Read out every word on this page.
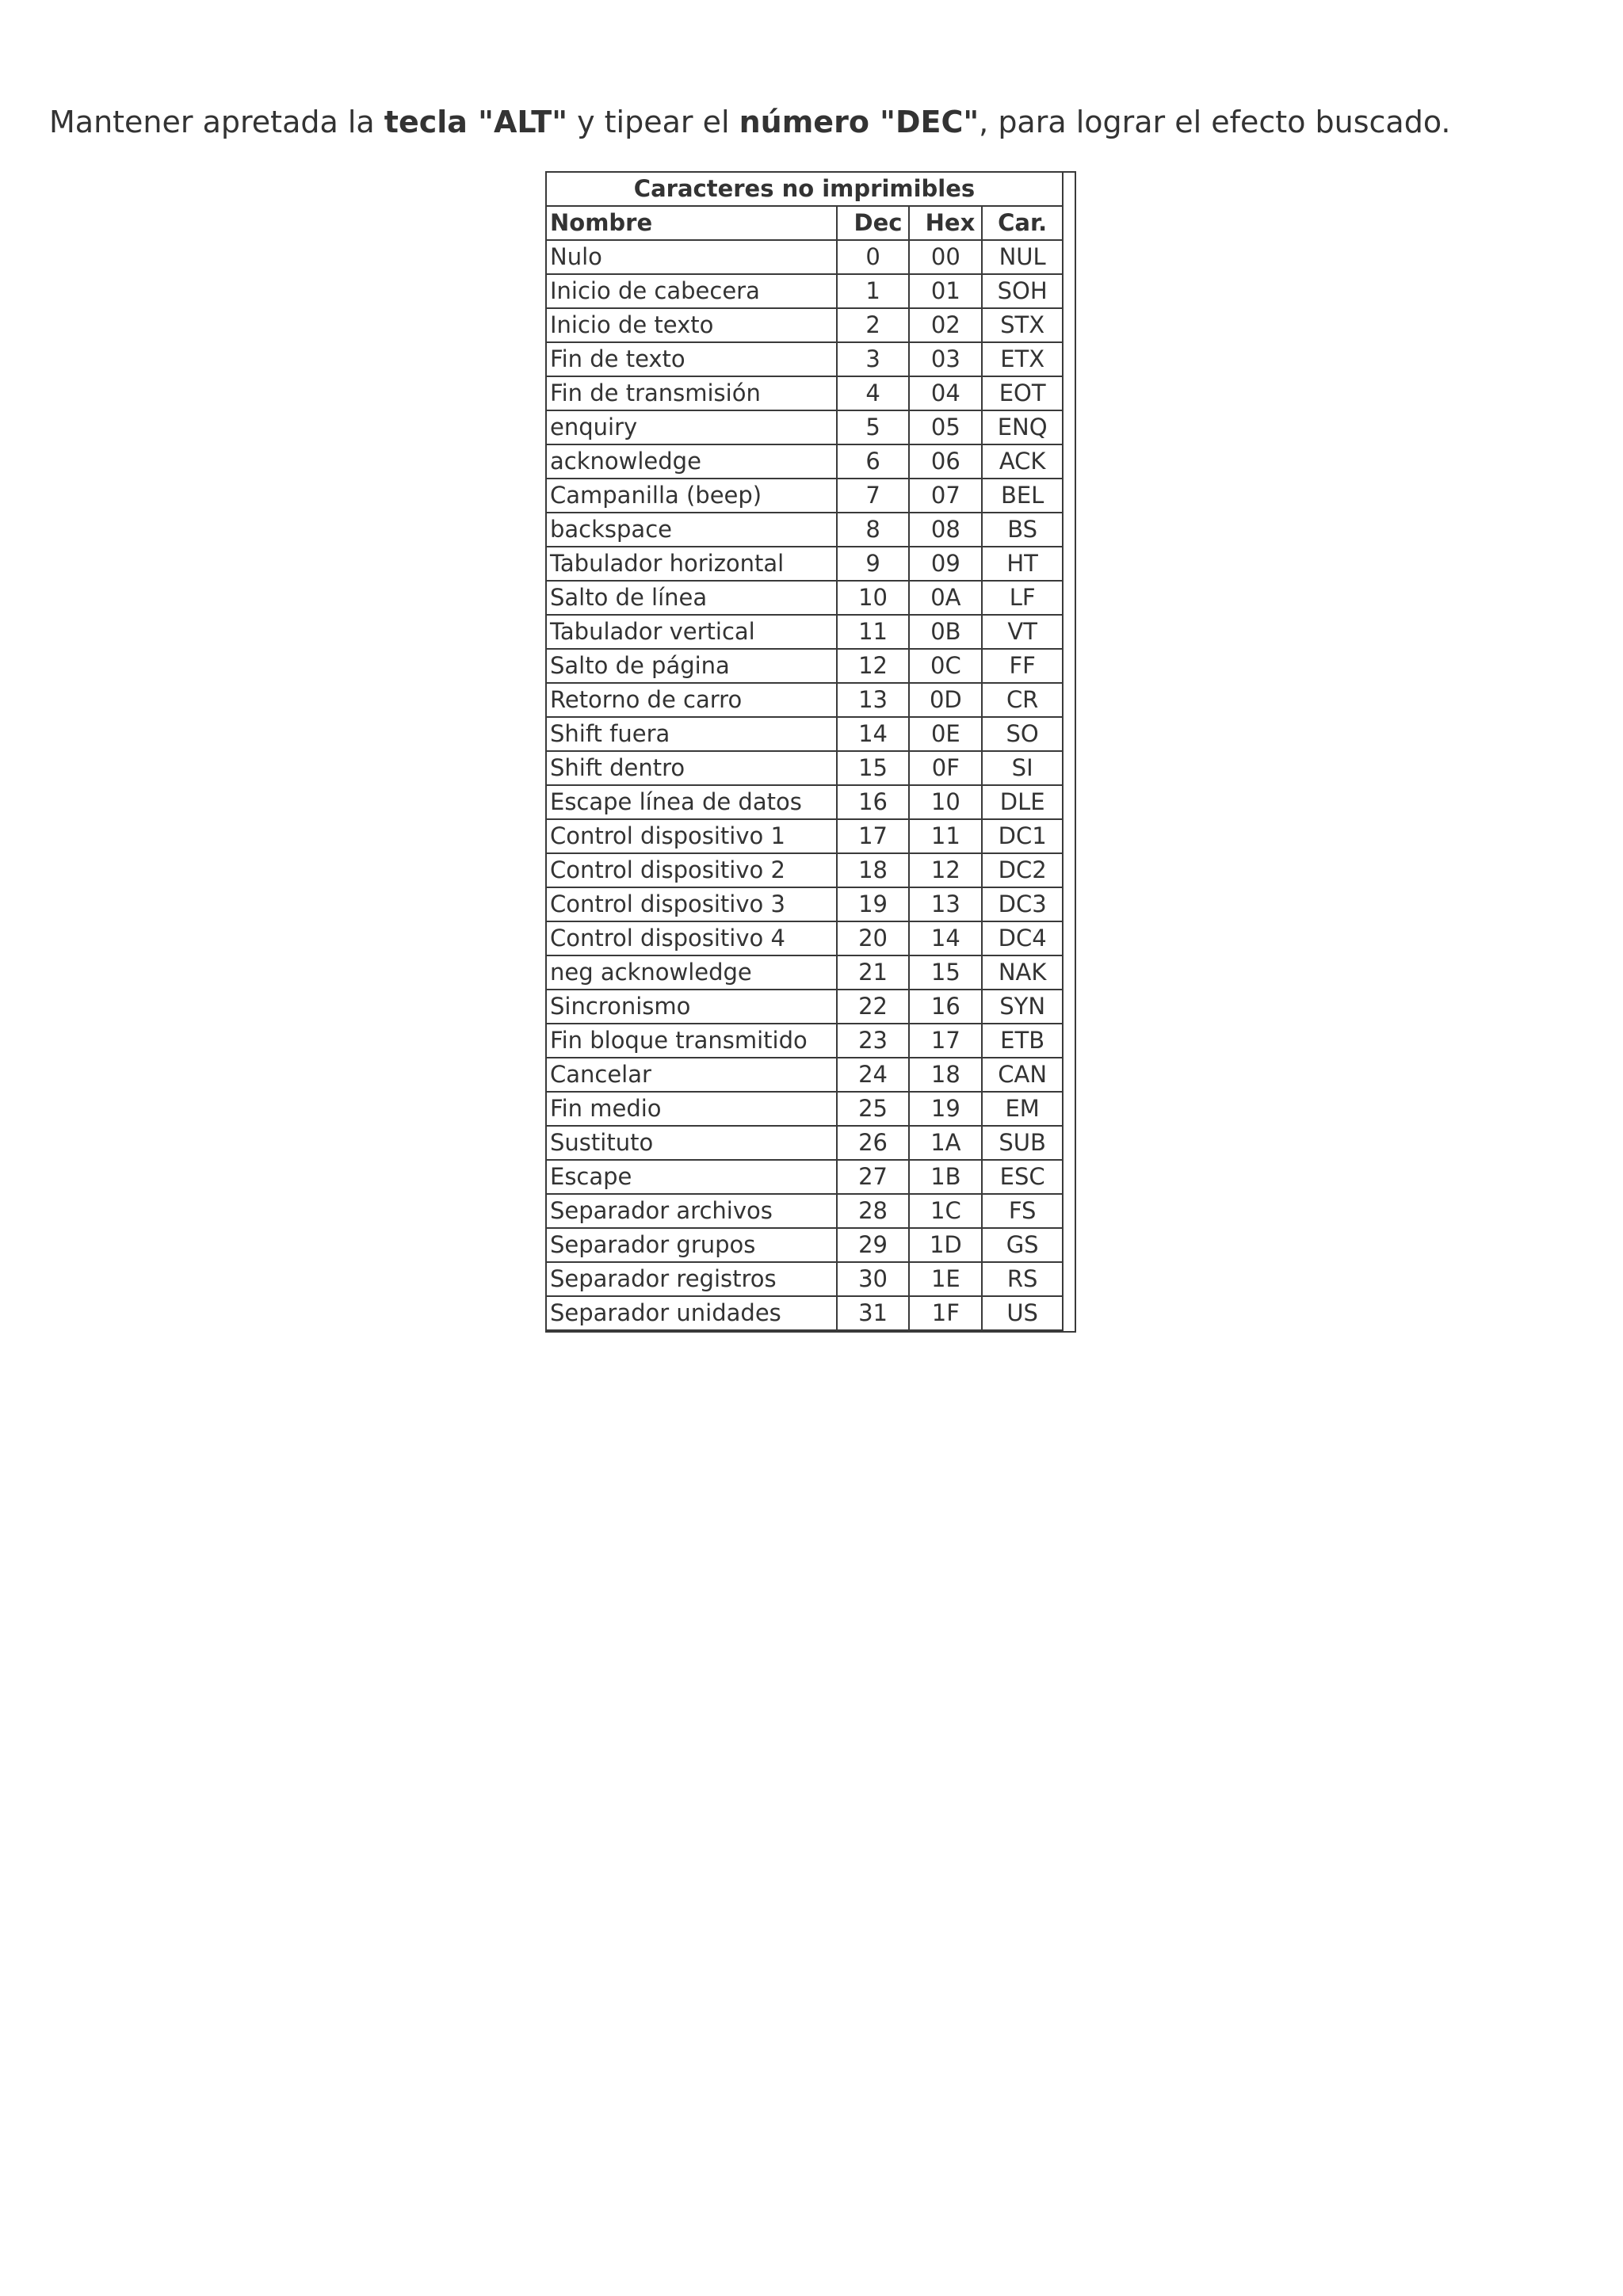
Mantener apretada la tecla "ALT" y tipear el número "DEC", para lograr el efecto buscado.
Caracteres no imprimibles			
Nombre	Dec	Hex	Car.
Nulo	0	00	NUL
Inicio de cabecera	1	01	SOH
Inicio de texto	2	02	STX
Fin de texto	3	03	ETX
Fin de transmisión	4	04	EOT
enquiry	5	05	ENQ
acknowledge	6	06	ACK
Campanilla (beep)	7	07	BEL
backspace	8	08	BS
Tabulador horizontal	9	09	HT
Salto de línea	10	0A	LF
Tabulador vertical	11	0B	VT
Salto de página	12	0C	FF
Retorno de carro	13	0D	CR
Shift fuera	14	0E	SO
Shift dentro	15	0F	SI
Escape línea de datos	16	10	DLE
Control dispositivo 1	17	11	DC1
Control dispositivo 2	18	12	DC2
Control dispositivo 3	19	13	DC3
Control dispositivo 4	20	14	DC4
neg acknowledge	21	15	NAK
Sincronismo	22	16	SYN
Fin bloque transmitido	23	17	ETB
Cancelar	24	18	CAN
Fin medio	25	19	EM
Sustituto	26	1A	SUB
Escape	27	1B	ESC
Separador archivos	28	1C	FS
Separador grupos	29	1D	GS
Separador registros	30	1E	RS
Separador unidades	31	1F	US
